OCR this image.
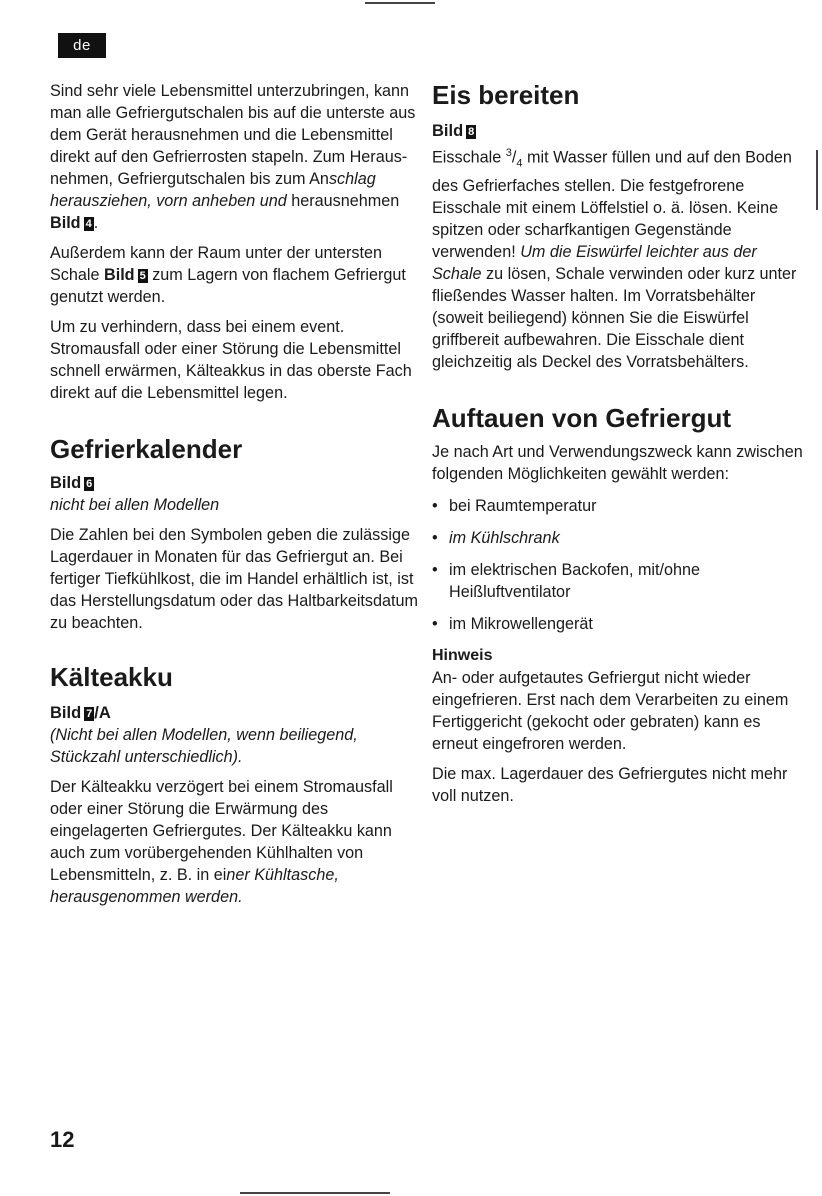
de

Sind sehr viele Lebensmittel unterzubringen, kann man alle Gefriergutschalen bis auf die unterste aus dem Gerät herausnehmen und die Lebensmittel direkt auf den Gefrierrosten stapeln. Zum Herausnehmen, Gefriergutschalen bis zum Anschlag herausziehen, vorn anheben und herausnehmen Bild 4 .

Außerdem kann der Raum unter der untersten Schale Bild 5 zum Lagern von flachem Gefriergut genutzt werden.

Um zu verhindern, dass bei einem event. Stromausfall oder einer Störung die Lebensmittel schnell erwärmen, Kälteakkus in das oberste Fach direkt auf die Lebensmittel legen.

Gefrierkalender
Bild 6

nicht bei allen Modellen

Die Zahlen bei den Symbolen geben die zulässige Lagerdauer in Monaten für das Gefriergut an. Bei fertiger Tiefkühlkost, die im Handel erhältlich ist, ist das Herstellungsdatum oder das Haltbarkeitsdatum zu beachten.

Kälteakku
Bild 7 /A

(Nicht bei allen Modellen, wenn beiliegend, Stückzahl unterschiedlich).

Der Kälteakku verzögert bei einem Stromausfall oder einer Störung die Erwärmung des eingelagerten Gefriergutes. Der Kälteakku kann auch zum vorübergehenden Kühlhalten von Lebensmitteln, z. B. in einer Kühltasche, herausgenommen werden.

Eis bereiten
Bild 8

Eisschale $^3/_4$ mit Wasser füllen und auf den Boden des Gefrierfaches stellen. Die festgefrorene Eisschale mit einem Löffelstiel o. ä. lösen. Keine spitzen oder scharfkantigen Gegenstände verwenden! Um die Eiswürfel leichter aus der Schale zu lösen, Schale verwinden oder kurz unter fließendes Wasser halten. Im Vorratsbehälter (soweit beiliegend) können Sie die Eiswürfel griffbereit aufbewahren. Die Eisschale dient gleichzeitig als Deckel des Vorratsbehälters.

Auftauen von Gefriergut

Je nach Art und Verwendungszweck kann zwischen folgenden Möglichkeiten gewählt werden:

• bei Raumtemperatur
• im Kühlschrank
• im elektrischen Backofen, mit/ohne Heißluftventilator
• im Mikrowellengerät
Hinweis

An- oder aufgetautes Gefriergut nicht wieder eingefrieren. Erst nach dem Verarbeiten zu einem Fertiggericht (gekocht oder gebraten) kann es erneut eingefroren werden.

Die max. Lagerdauer des Gefriergutes nicht mehr voll nutzen.

12
